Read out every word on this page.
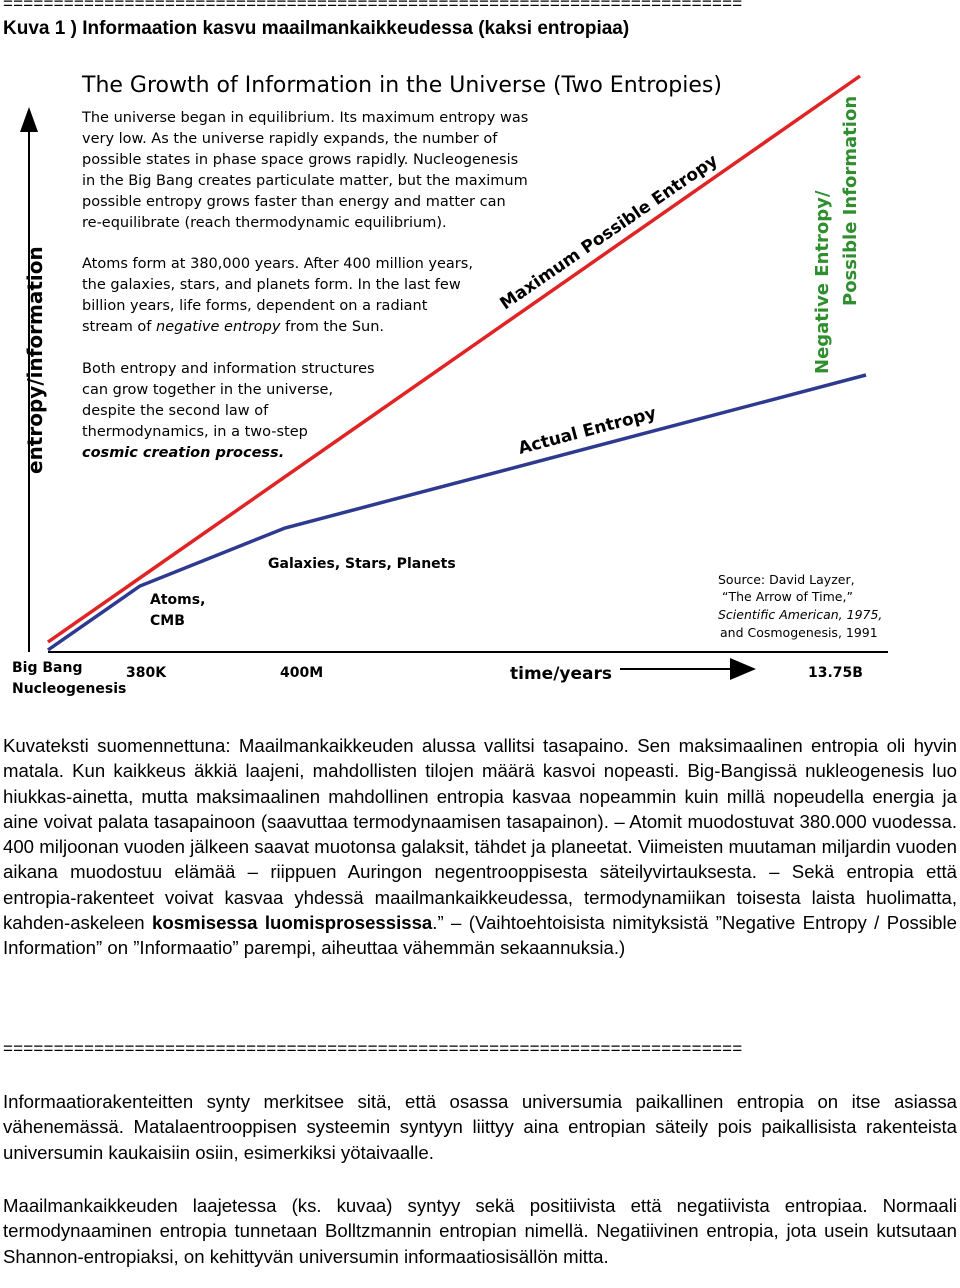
=========================================================================
Kuva 1 ) Informaation kasvu maailmankaikkeudessa (kaksi entropiaa)
entropy/information
The Growth of Information in the Universe (Two Entropies)
The universe began in equilibrium. Its maximum entropy was
very low. As the universe rapidly expands, the number of
possible states in phase space grows rapidly. Nucleogenesis
in the Big Bang creates particulate matter, but the maximum
possible entropy grows faster than energy and matter can
re-equilibrate (reach thermodynamic equilibrium).
Atoms form at 380,000 years. After 400 million years,
the galaxies, stars, and planets form. In the last few
billion years, life forms, dependent on a radiant
stream of negative entropy from the Sun.
Both entropy and information structures
can grow together in the universe,
despite the second law of
thermodynamics, in a two-step
cosmic creation process.
Maximum Possible Entropy
Actual Entropy
Negative Entropy/ Possible Information
Galaxies, Stars, Planets
Atoms,
CMB
Big Bang
Nucleogenesis
380K	400M	time/years	13.75B
Source: David Layzer,
“The Arrow of Time,”
Scientific American, 1975,
and Cosmogenesis, 1991
Kuvateksti suomennettuna: Maailmankaikkeuden alussa vallitsi tasapaino. Sen maksimaalinen entropia oli hyvin matala. Kun kaikkeus äkkiä laajeni, mahdollisten tilojen määrä kasvoi nopeasti. Big-Bangissä nukleogenesis luo hiukkas-ainetta, mutta maksimaalinen mahdollinen entropia kasvaa nopeammin kuin millä nopeudella energia ja aine voivat palata tasapainoon (saavuttaa termodynaamisen tasapainon). – Atomit muodostuvat 380.000 vuodessa. 400 miljoonan vuoden jälkeen saavat muotonsa galaksit, tähdet ja planeetat. Viimeisten muutaman miljardin vuoden aikana muodostuu elämää – riippuen Auringon negentrooppisesta säteilyvirtauksesta. – Sekä entropia että entropia-rakenteet voivat kasvaa yhdessä maailmankaikkeudessa, termodynamiikan toisesta laista huolimatta, kahden-askeleen kosmisessa luomisprosessissa.” – (Vaihtoehtoisista nimityksistä ”Negative Entropy / Possible Information” on ”Informaatio” parempi, aiheuttaa vähemmän sekaannuksia.)
=========================================================================
Informaatiorakenteitten synty merkitsee sitä, että osassa universumia paikallinen entropia on itse asiassa vähenemässä. Matalaentrooppisen systeemin syntyyn liittyy aina entropian säteily pois paikallisista rakenteista universumin kaukaisiin osiin, esimerkiksi yötaivaalle.
Maailmankaikkeuden laajetessa (ks. kuvaa) syntyy sekä positiivista että negatiivista entropiaa. Normaali termodynaaminen entropia tunnetaan Bolltzmannin entropian nimellä. Negatiivinen entropia, jota usein kutsutaan Shannon-entropiaksi, on kehittyvän universumin informaatiosisällön mitta.
